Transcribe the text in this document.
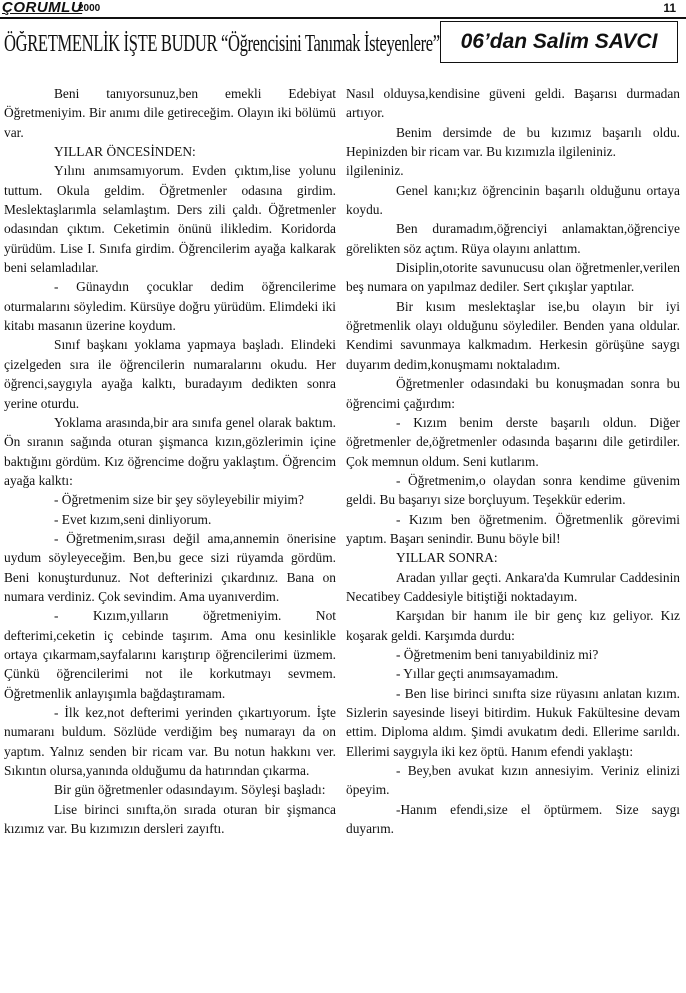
ÇORUMLU
2000	11
ÖĞRETMENLİK İŞTE BUDUR “Öğrencisini Tanımak İsteyenlere” 06’dan Salim SAVCI

Beni tanıyorsunuz,ben emekli Edebiyat Öğretmeniyim. Bir anımı dile getireceğim. Olayın iki bölümü var.

YILLAR ÖNCESİNDEN:

Yılını anımsamıyorum. Evden çıktım,lise yolunu tuttum. Okula geldim. Öğretmenler odasına girdim. Meslektaşlarımla selamlaştım. Ders zili çaldı. Öğretmenler odasından çıktım. Ceketimin önünü ilikledim. Koridorda yürüdüm. Lise I. Sınıfa girdim. Öğrencilerim ayağa kalkarak beni selamladılar.

- Günaydın çocuklar dedim öğrencilerime oturmalarını söyledim. Kürsüye doğru yürüdüm. Elimdeki iki kitabı masanın üzerine koydum.

Sınıf başkanı yoklama yapmaya başladı. Elindeki çizelgeden sıra ile öğrencilerin numaralarını okudu. Her öğrenci,saygıyla ayağa kalktı, buradayım dedikten sonra yerine oturdu.

Yoklama arasında,bir ara sınıfa genel olarak baktım. Ön sıranın sağında oturan şişmanca kızın,gözlerimin içine baktığını gördüm. Kız öğrencime doğru yaklaştım. Öğrencim ayağa kalktı:

- Öğretmenim size bir şey söyleyebilir miyim?

- Evet kızım,seni dinliyorum.

- Öğretmenim,sırası değil ama,annemin önerisine uydum söyleyeceğim. Ben,bu gece sizi rüyamda gördüm. Beni konuşturdunuz. Not defterinizi çıkardınız. Bana on numara verdiniz. Çok sevindim. Ama uyanıverdim.

- Kızım,yılların öğretmeniyim. Not defterimi,ceketin iç cebinde taşırım. Ama onu kesinlikle ortaya çıkarmam,sayfalarını karıştırıp öğrencilerimi üzmem. Çünkü öğrencilerimi not ile korkutmayı sevmem. Öğretmenlik anlayışımla bağdaştıramam.

- İlk kez,not defterimi yerinden çıkartıyorum. İşte numaranı buldum. Sözlüde verdiğim beş numarayı da on yaptım. Yalnız senden bir ricam var. Bu notun hakkını ver. Sıkıntın olursa,yanında olduğumu da hatırından çıkarma.

Bir gün öğretmenler odasındayım. Söyleşi başladı:

Lise birinci sınıfta,ön sırada oturan bir şişmanca kızımız var. Bu kızımızın dersleri zayıftı.

Nasıl olduysa,kendisine güveni geldi. Başarısı durmadan artıyor.

Benim dersimde de bu kızımız başarılı oldu. Hepinizden bir ricam var. Bu kızımızla ilgileniniz.

ilgileniniz.

Genel kanı;kız öğrencinin başarılı olduğunu ortaya koydu.

Ben duramadım,öğrenciyi anlamaktan,öğrenciye görelikten söz açtım. Rüya olayını anlattım.

Disiplin,otorite savunucusu olan öğretmenler,verilen beş numara on yapılmaz dediler. Sert çıkışlar yaptılar.

Bir kısım meslektaşlar ise,bu olayın bir iyi öğretmenlik olayı olduğunu söylediler. Benden yana oldular. Kendimi savunmaya kalkmadım. Herkesin görüşüne saygı duyarım dedim,konuşmamı noktaladım.

Öğretmenler odasındaki bu konuşmadan sonra bu öğrencimi çağırdım:

- Kızım benim derste başarılı oldun. Diğer öğretmenler de,öğretmenler odasında başarını dile getirdiler. Çok memnun oldum. Seni kutlarım.

- Öğretmenim,o olaydan sonra kendime güvenim geldi. Bu başarıyı size borçluyum. Teşekkür ederim.

- Kızım ben öğretmenim. Öğretmenlik görevimi yaptım. Başarı senindir. Bunu böyle bil!

YILLAR SONRA:

Aradan yıllar geçti. Ankara'da Kumrular Caddesinin Necatibey Caddesiyle bitiştiği noktadayım.

Karşıdan bir hanım ile bir genç kız geliyor. Kız koşarak geldi. Karşımda durdu:

- Öğretmenim beni tanıyabildiniz mi?

- Yıllar geçti anımsayamadım.

- Ben lise birinci sınıfta size rüyasını anlatan kızım. Sizlerin sayesinde liseyi bitirdim. Hukuk Fakültesine devam ettim. Diploma aldım. Şimdi avukatım dedi. Ellerime sarıldı. Ellerimi saygıyla iki kez öptü. Hanım efendi yaklaştı:

- Bey,ben avukat kızın annesiyim. Veriniz elinizi öpeyim.

-Hanım efendi,size el öptürmem. Size saygı duyarım.
